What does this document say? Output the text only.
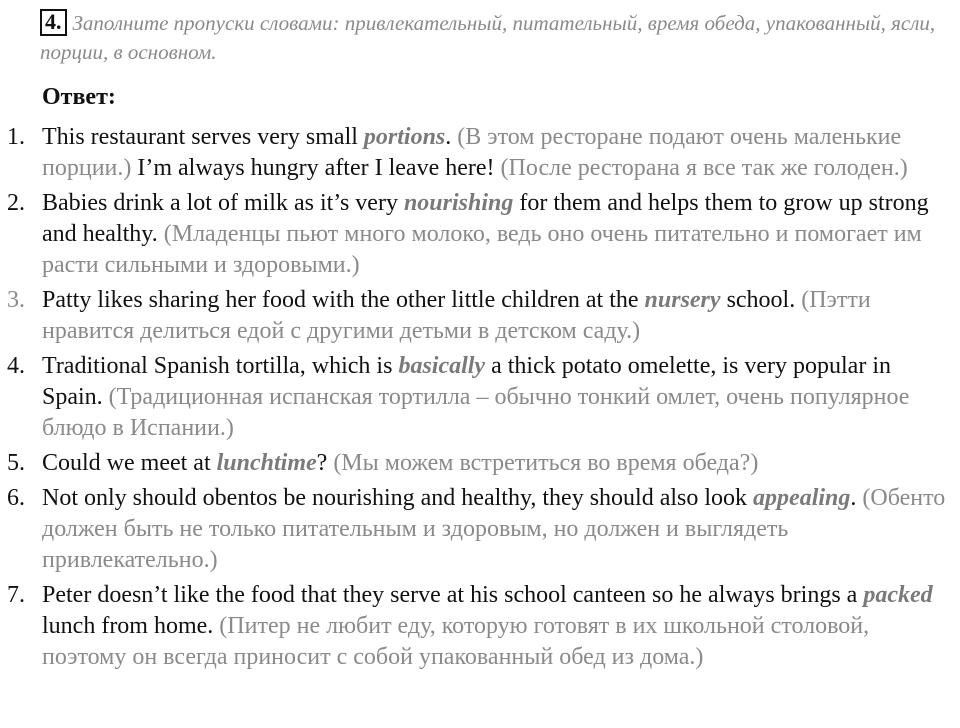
4. Заполните пропуски словами: привлекательный, питательный, время обеда, упакованный, ясли, порции, в основном.
Ответ:
1. This restaurant serves very small portions. (В этом ресторане подают очень маленькие порции.) I’m always hungry after I leave here! (После ресторана я все так же голоден.)
2. Babies drink a lot of milk as it’s very nourishing for them and helps them to grow up strong and healthy. (Младенцы пьют много молоко, ведь оно очень питательно и помогает им расти сильными и здоровыми.)
3. Patty likes sharing her food with the other little children at the nursery school. (Пэтти нравится делиться едой с другими детьми в детском саду.)
4. Traditional Spanish tortilla, which is basically a thick potato omelette, is very popular in Spain. (Традиционная испанская тортилла – обычно тонкий омлет, очень популярное блюдо в Испании.)
5. Could we meet at lunchtime? (Мы можем встретиться во время обеда?)
6. Not only should obentos be nourishing and healthy, they should also look appealing. (Обенто должен быть не только питательным и здоровым, но должен и выглядеть привлекательно.)
7. Peter doesn’t like the food that they serve at his school canteen so he always brings a packed lunch from home. (Питер не любит еду, которую готовят в их школьной столовой, поэтому он всегда приносит с собой упакованный обед из дома.)
